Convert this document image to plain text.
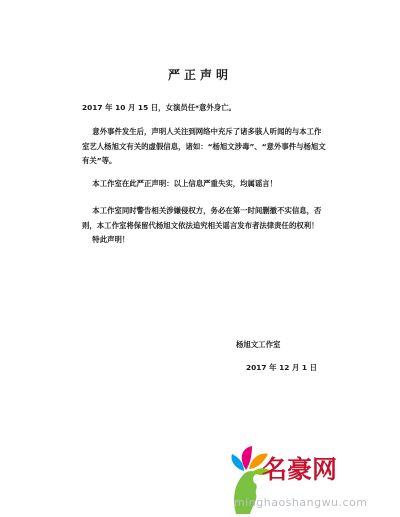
严正声明
2017 年 10 月 15 日，女演员任*意外身亡。
意外事件发生后，声明人关注到网络中充斥了诸多骇人听闻的与本工作室艺人杨旭文有关的虚假信息，诸如：“杨旭文涉毒”、“意外事件与杨旭文有关”等。
本工作室在此严正声明：以上信息严重失实，均属谣言！
本工作室同时警告相关涉嫌侵权方，务必在第一时间删撤不实信息，否则，本工作室将保留代杨旭文依法追究相关谣言发布者法律责任的权利！
特此声明！
杨旭文工作室
2017 年 12 月 1 日
名豪网
minghaoshangwu.com
